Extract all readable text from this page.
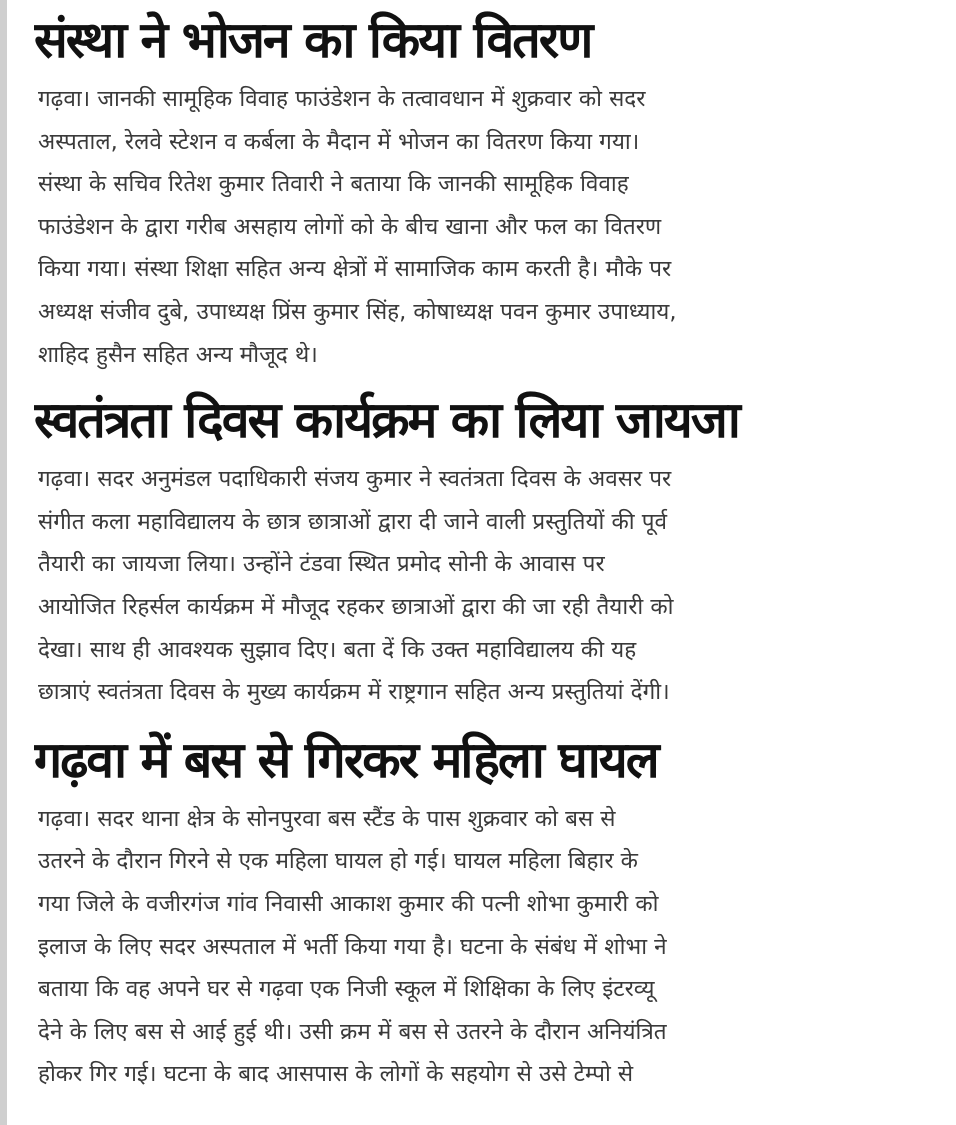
संस्था ने भोजन का किया वितरण

गढ़वा। जानकी सामूहिक विवाह फाउंडेशन के तत्वावधान में शुक्रवार को सदर

अस्पताल, रेलवे स्टेशन व कर्बला के मैदान में भोजन का वितरण किया गया।

संस्था के सचिव रितेश कुमार तिवारी ने बताया कि जानकी सामूहिक विवाह

फाउंडेशन के द्वारा गरीब असहाय लोगों को के बीच खाना और फल का वितरण

किया गया। संस्था शिक्षा सहित अन्य क्षेत्रों में सामाजिक काम करती है। मौके पर

अध्यक्ष संजीव दुबे, उपाध्यक्ष प्रिंस कुमार सिंह, कोषाध्यक्ष पवन कुमार उपाध्याय,

शाहिद हुसैन सहित अन्य मौजूद थे।

स्वतंत्रता दिवस कार्यक्रम का लिया जायजा

गढ़वा। सदर अनुमंडल पदाधिकारी संजय कुमार ने स्वतंत्रता दिवस के अवसर पर

संगीत कला महाविद्यालय के छात्र छात्राओं द्वारा दी जाने वाली प्रस्तुतियों की पूर्व

तैयारी का जायजा लिया। उन्होंने टंडवा स्थित प्रमोद सोनी के आवास पर

आयोजित रिहर्सल कार्यक्रम में मौजूद रहकर छात्राओं द्वारा की जा रही तैयारी को

देखा। साथ ही आवश्यक सुझाव दिए। बता दें कि उक्त महाविद्यालय की यह

छात्राएं स्वतंत्रता दिवस के मुख्य कार्यक्रम में राष्ट्रगान सहित अन्य प्रस्तुतियां देंगी।

गढ़वा में बस से गिरकर महिला घायल

गढ़वा। सदर थाना क्षेत्र के सोनपुरवा बस स्टैंड के पास शुक्रवार को बस से

उतरने के दौरान गिरने से एक महिला घायल हो गई। घायल महिला बिहार के

गया जिले के वजीरगंज गांव निवासी आकाश कुमार की पत्नी शोभा कुमारी को

इलाज के लिए सदर अस्पताल में भर्ती किया गया है। घटना के संबंध में शोभा ने

बताया कि वह अपने घर से गढ़वा एक निजी स्कूल में शिक्षिका के लिए इंटरव्यू

देने के लिए बस से आई हुई थी। उसी क्रम में बस से उतरने के दौरान अनियंत्रित

होकर गिर गई। घटना के बाद आसपास के लोगों के सहयोग से उसे टेम्पो से
